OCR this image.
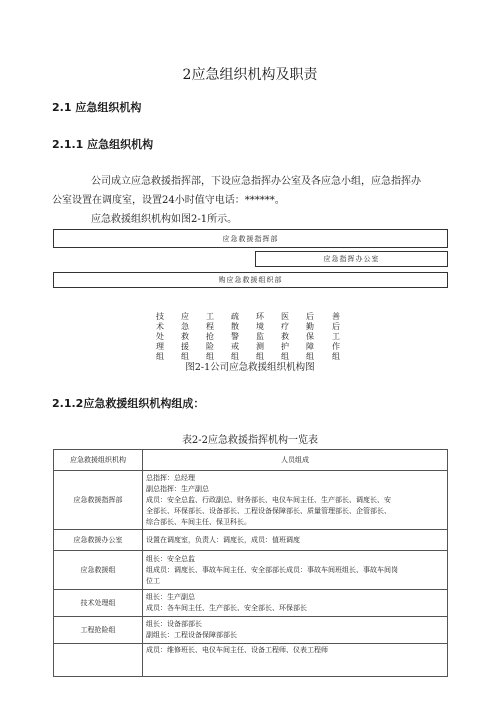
2应急组织机构及职责
2.1 应急组织机构
2.1.1 应急组织机构
公司成立应急救援指挥部，下设应急指挥办公室及各应急小组，应急指挥办
公室设置在调度室，设置24小时值守电话：******。
应急救援组织机构如图2-1所示。
应急救援指挥部
应急指挥办公室
购应急救援组织部
技术处理组
应急救援组
工程抢险组
疏散警戒组
环境监测组
医疗救护组
后勤保障组
善后工作组
图2-1公司应急救援组织机构图
2.1.2应急救援组织机构组成：
表2-2应急救援指挥机构一览表
应急救援组织机构	人员组成
应急救援指挥部	总指挥：总经理
副总指挥：生产副总
成员：安全总监、行政副总、财务部长、电仪车间主任、生产部长、调度长、安
全部长、环保部长、设备部长、工程设备保障部长、质量管理部长、企管部长、
综合部长、车间主任、保卫科长。

应急救援办公室	设置在调度室，负责人：调度长，成员：值班调度

应急救援组	组长：安全总监
组成员：调度长、事故车间主任、安全部部长成员：事故车间班组长、事故车间岗
位工

技术处理组	组长：生产副总
成员：各车间主任、生产部长、安全部长、环保部长

工程抢险组	组长：设备部部长
副组长：工程设备保障部部长

	成员：维修班长、电仪车间主任、设备工程师、仪表工程师
